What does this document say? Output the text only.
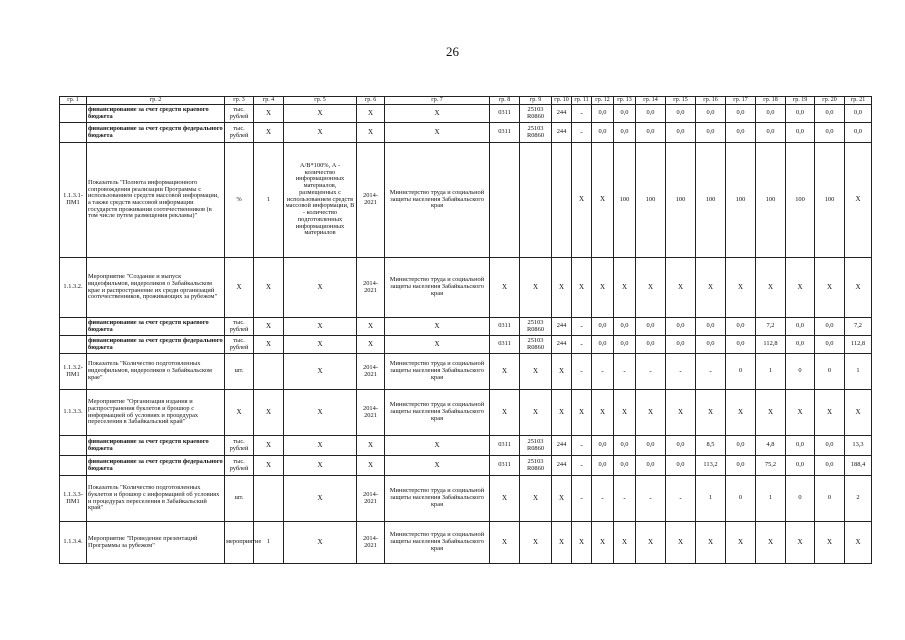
26
гр. 1	гр. 2	гр. 3	гр. 4	гр. 5	гр. 6	гр. 7	гр. 8	гр. 9	гр. 10	гр. 11	гр. 12	гр. 13	гр. 14	гр. 15	гр. 16	гр. 17	гр. 18	гр. 19	гр. 20	гр. 21
	финансирование за счет средств краевого бюджета	тыс. рублей	X	X	X	X	0311	25103 R0860	244	-	0,0	0,0	0,0	0,0	0,0	0,0	0,0	0,0	0,0	0,0
	финансирование за счет средств федерального бюджета	тыс. рублей	X	X	X	X	0311	25103 R0860	244	-	0,0	0,0	0,0	0,0	0,0	0,0	0,0	0,0	0,0	0,0
1.1.3.1-ПМ1	Показатель "Полнота информационного сопровождения реализации Программы с использованием средств массовой информации, а также средств массовой информации государств проживания соотечественников (в том числе путем размещения рекламы)"	%	1	А/В*100%, А - количество информационных материалов, размещенных с использованием средств массовой информации, В - количество подготовленных информационных материалов	2014-2021	Министерство труда и социальной защиты населения Забайкальского края				X	X	100	100	100	100	100	100	100	100	X
1.1.3.2.	Мероприятие "Создание и выпуск видеофильмов, видероликов о Забайкальском крае и распространение их среди организаций соотечественников, проживающих за рубежом"	X	X	X	2014-2021	Министерство труда и социальной защиты населения Забайкальского края	X	X	X	X	X	X	X	X	X	X	X	X	X	X
	финансирование за счет средств краевого бюджета	тыс. рублей	X	X	X	X	0311	25103 R0860	244	-	0,0	0,0	0,0	0,0	0,0	0,0	7,2	0,0	0,0	7,2
	финансирование за счет средств федерального бюджета	тыс. рублей	X	X	X	X	0311	25103 R0860	244	-	0,0	0,0	0,0	0,0	0,0	0,0	112,8	0,0	0,0	112,8
1.1.3.2-ПМ1	Показатель "Количество подготовленных видеофильмов, видероликов о Забайкальском крае"	шт.		X	2014-2021	Министерство труда и социальной защиты населения Забайкальского края	X	X	X	-	-	-	-	-	-	0	1	0	0	1
1.1.3.3.	Мероприятие "Организация издания и распространения буклетов и брошюр с информацией об условиях и процедурах переселения в Забайкальский край"	X	X	X	2014-2021	Министерство труда и социальной защиты населения Забайкальского края	X	X	X	X	X	X	X	X	X	X	X	X	X	X
	финансирование за счет средств краевого бюджета	тыс. рублей	X	X	X	X	0311	25103 R0860	244	-	0,0	0,0	0,0	0,0	8,5	0,0	4,8	0,0	0,0	13,3
	финансирование за счет средств федерального бюджета	тыс. рублей	X	X	X	X	0311	25103 R0860	244	-	0,0	0,0	0,0	0,0	113,2	0,0	75,2	0,0	0,0	188,4
1.1.3.3-ПМ1	Показатель "Количество подготовленных буклетов и брошюр с информацией об условиях и процедурах переселения в Забайкальский край"	шт.		X	2014-2021	Министерство труда и социальной защиты населения Забайкальского края	X	X	X	-	-	-	-	-	1	0	1	0	0	2
1.1.3.4.	Мероприятие "Проведение презентаций Программы за рубежом"	мероприятие	1	X	2014-2021	Министерство труда и социальной защиты населения Забайкальского края	X	X	X	X	X	X	X	X	X	X	X	X	X	X
